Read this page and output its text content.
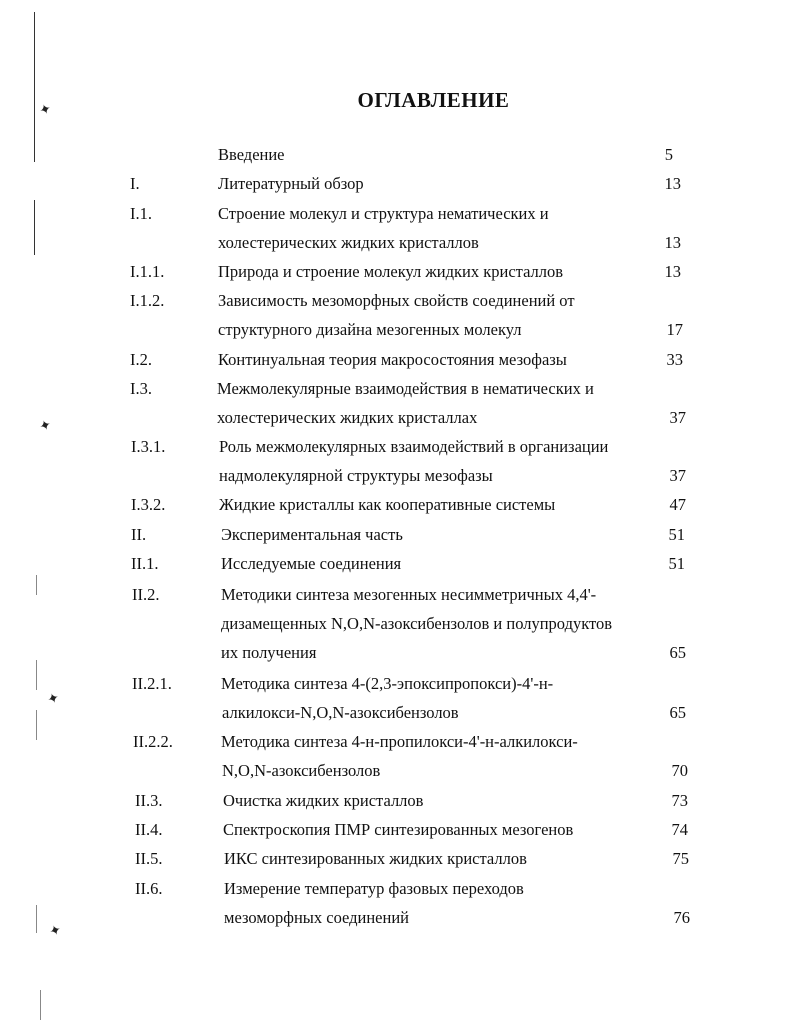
✦
✦
✦
✦
ОГЛАВЛЕНИЕ
Введение	5
I.	Литературный обзор	13
I.1.	Строение молекул и структура нематических и
холестерических жидких кристаллов	13
I.1.1.	Природа и строение молекул жидких кристаллов	13
I.1.2.	Зависимость мезоморфных свойств соединений от
структурного дизайна мезогенных молекул	17
I.2.	Континуальная теория макросостояния мезофазы	33
I.3.	Межмолекулярные взаимодействия в нематических и
холестерических жидких кристаллах	37
I.3.1.	Роль межмолекулярных взаимодействий в организации
надмолекулярной структуры мезофазы	37
I.3.2.	Жидкие кристаллы как кооперативные системы	47
II.	Экспериментальная часть	51
II.1.	Исследуемые соединения	51
II.2.	Методики синтеза мезогенных несимметричных 4,4'-
дизамещенных N,O,N-азоксибензолов и полупродуктов
их получения	65
II.2.1.	Методика синтеза 4-(2,3-эпоксипропокси)-4'-н-
алкилокси-N,O,N-азоксибензолов	65
II.2.2.	Методика синтеза 4-н-пропилокси-4'-н-алкилокси-
N,O,N-азоксибензолов	70
II.3.	Очистка жидких кристаллов	73
II.4.	Спектроскопия ПМР синтезированных мезогенов	74
II.5.	ИКС синтезированных жидких кристаллов	75
II.6.	Измерение температур фазовых переходов
мезоморфных соединений	76
